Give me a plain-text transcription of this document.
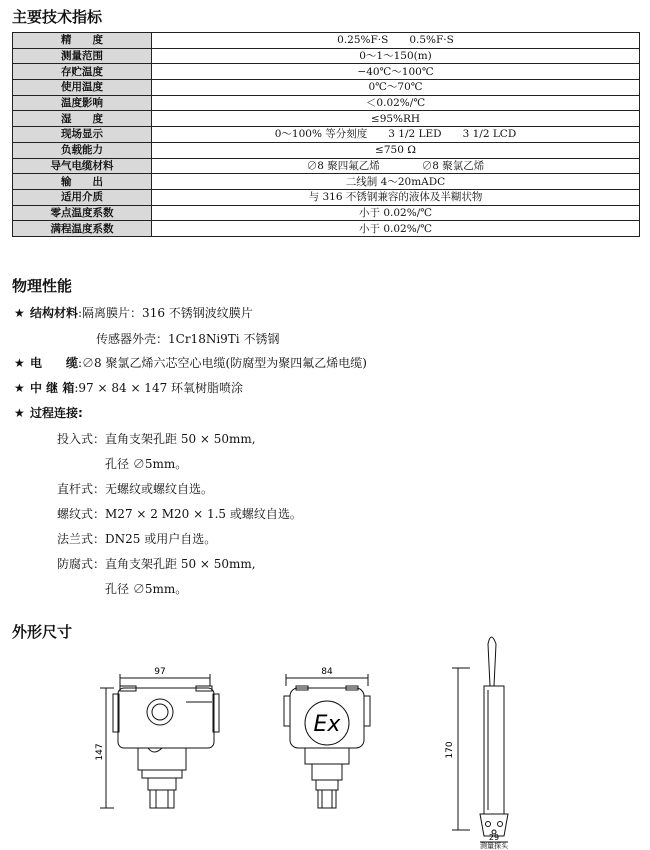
主要技术指标
精　　度	0.25%F·S　　0.5%F·S
测量范围	0～1～150(m)
存贮温度	−40℃～100℃
使用温度	0℃～70℃
温度影响	＜0.02%/℃
湿　　度	≤95%RH
现场显示	0～100% 等分刻度　　3 1/2 LED　　3 1/2 LCD
负载能力	≤750 Ω
导气电缆材料	∅8 聚四氟乙烯　　　　∅8 聚氯乙烯
输　　出	二线制 4～20mADC
适用介质	与 316 不锈钢兼容的液体及半糊状物
零点温度系数	小于 0.02%/℃
满程温度系数	小于 0.02%/℃
物理性能
★ 结构材料:隔离膜片：316 不锈钢波纹膜片
传感器外壳：1Cr18Ni9Ti 不锈钢
★ 电　　缆:∅8 聚氯乙烯六芯空心电缆(防腐型为聚四氟乙烯电缆)
★ 中 继 箱:97 × 84 × 147 环氧树脂喷涂
★ 过程连接:
投入式：直角支架孔距 50 × 50mm,
孔径 ∅5mm。
直杆式：无螺纹或螺纹自选。
螺纹式：M27 × 2 M20 × 1.5 或螺纹自选。
法兰式：DN25 或用户自选。
防腐式：直角支架孔距 50 × 50mm,
孔径 ∅5mm。
外形尺寸
97
147
84
Ex
170
29
测量探头
